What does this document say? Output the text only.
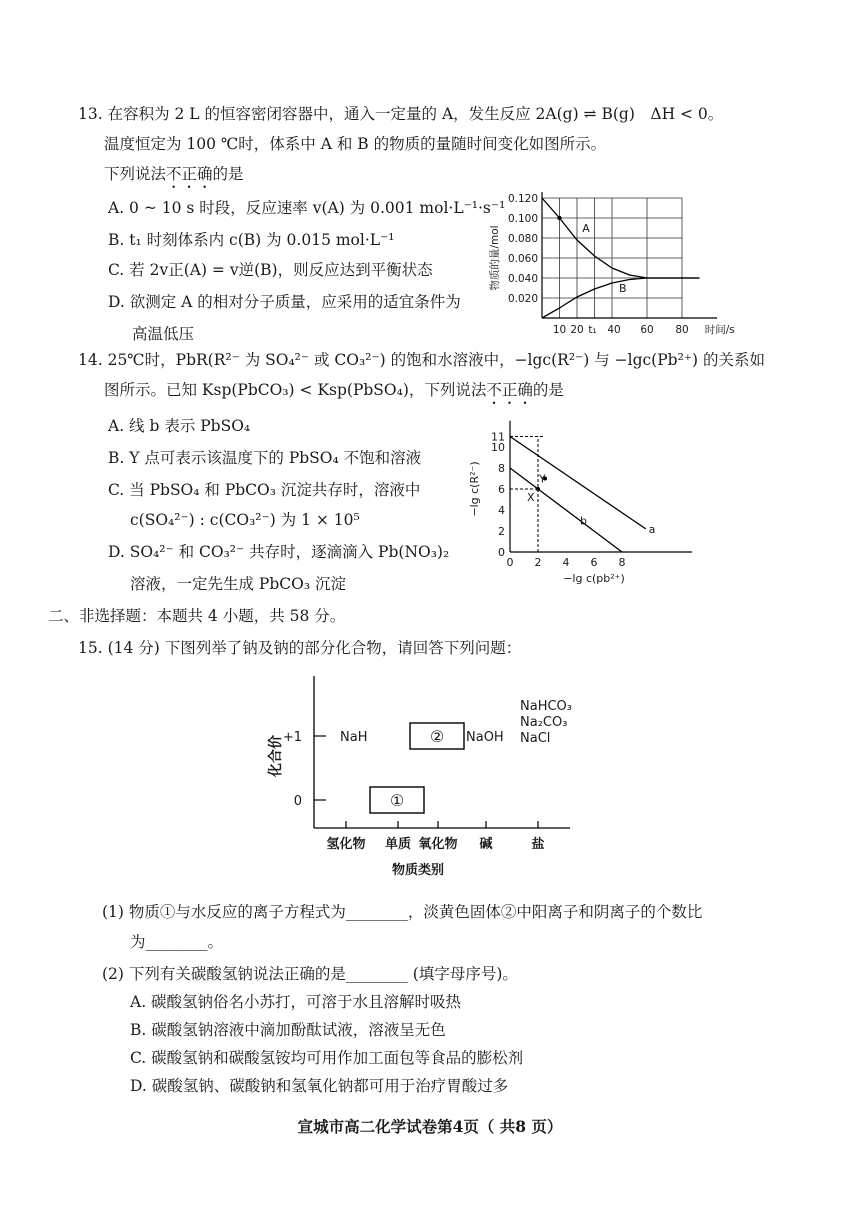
13. 在容积为 2 L 的恒容密闭容器中，通入一定量的 A，发生反应 2A(g) ⇌ B(g)　ΔH < 0。
温度恒定为 100 ℃时，体系中 A 和 B 的物质的量随时间变化如图所示。
下列说法不正确的是
A. 0 ~ 10 s 时段，反应速率 v(A) 为 0.001 mol·L⁻¹·s⁻¹
B. t₁ 时刻体系内 c(B) 为 0.015 mol·L⁻¹
C. 若 2v正(A) = v逆(B)，则反应达到平衡状态
D. 欲测定 A 的相对分子质量，应采用的适宜条件为
高温低压	10 20 t₁ 40 60 80
0.020
0.040
0.060
0.080
0.100
0.120
时间/s
物质的量/mol	A
B
14. 25℃时，PbR(R²⁻ 为 SO₄²⁻ 或 CO₃²⁻) 的饱和水溶液中，−lgc(R²⁻) 与 −lgc(Pb²⁺) 的关系如
图所示。已知 Ksp(PbCO₃) < Ksp(PbSO₄)，下列说法不正确的是
A. 线 b 表示 PbSO₄
B. Y 点可表示该温度下的 PbSO₄ 不饱和溶液
C. 当 PbSO₄ 和 PbCO₃ 沉淀共存时，溶液中
c(SO₄²⁻) : c(CO₃²⁻) 为 1 × 10⁵
D. SO₄²⁻ 和 CO₃²⁻ 共存时，逐滴滴入 Pb(NO₃)₂
溶液，一定先生成 PbCO₃ 沉淀
0 2 4 6 8
0
2
4
6
8
10
11
−lg c(pb²⁺)
−lg c(R²⁻)
a
b
X
Y
二、非选择题：本题共 4 小题，共 58 分。
15. (14 分) 下图列举了钠及钠的部分化合物，请回答下列问题：
0
+1
氢化物 单质 氧化物 碱	盐
物质类别
化合价	NaH
①
② NaOH
NaHCO₃
Na₂CO₃
NaCl
(1) 物质①与水反应的离子方程式为________，淡黄色固体②中阳离子和阴离子的个数比
为________。
(2) 下列有关碳酸氢钠说法正确的是________ (填字母序号)。
A. 碳酸氢钠俗名小苏打，可溶于水且溶解时吸热
B. 碳酸氢钠溶液中滴加酚酞试液，溶液呈无色
C. 碳酸氢钠和碳酸氢铵均可用作加工面包等食品的膨松剂
D. 碳酸氢钠、碳酸钠和氢氧化钠都可用于治疗胃酸过多
宣城市高二化学试卷第4页（ 共8 页）
